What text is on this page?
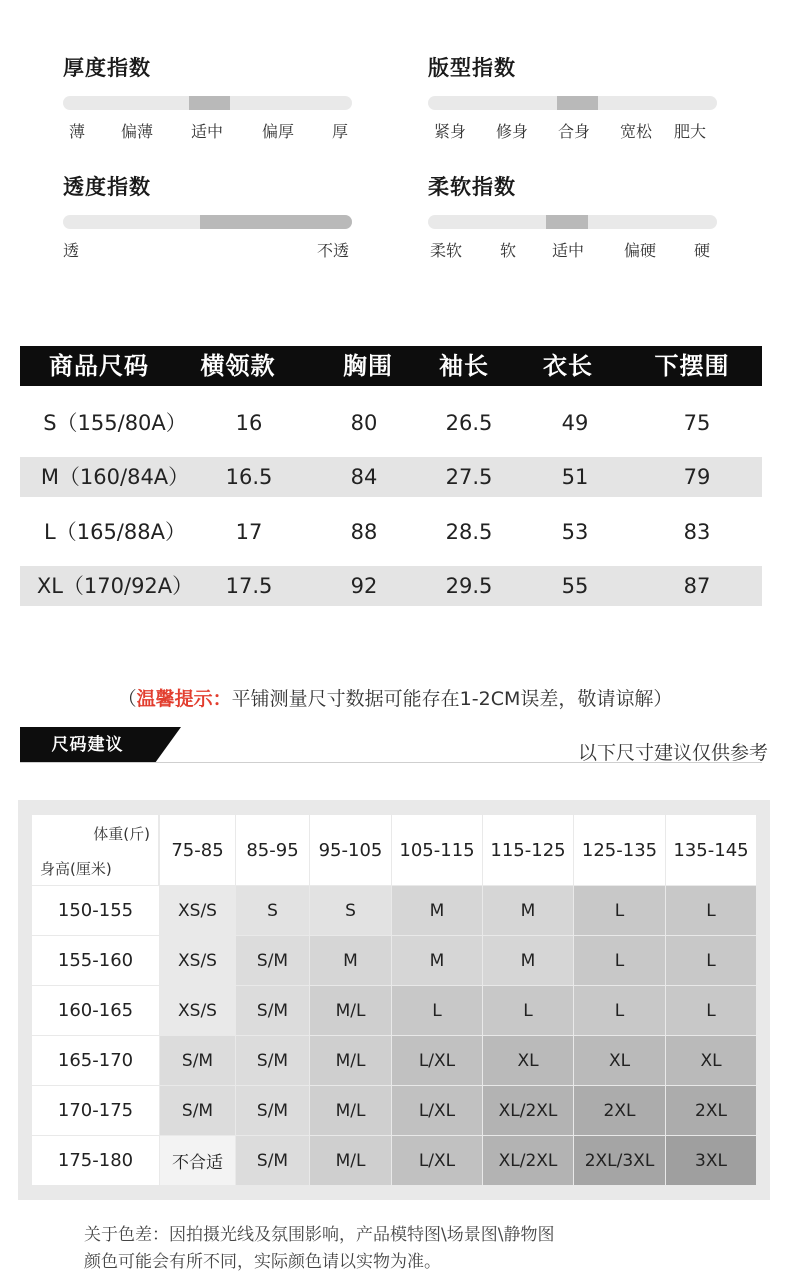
厚度指数
薄 偏薄 适中 偏厚 厚
版型指数
紧身 修身 合身 宽松 肥大
透度指数
透	不透
柔软指数
柔软 软 适中 偏硬 硬
商品尺码 横领款	胸围 袖长 衣长	下摆围
S（155/80A） 16	80	26.5	49	75
M（160/84A） 16.5	84	27.5	51	79
L（165/88A） 17	88	28.5	53	83
XL（170/92A） 17.5	92	29.5	55	87
（温馨提示：平铺测量尺寸数据可能存在1-2CM误差，敬请谅解）
尺码建议	以下尺寸建议仅供参考
体重(斤)
身高(厘米)
75-85	85-95	95-105 105-115 115-125 125-135 135-145
150-155	XS/S	S	S	M	M	L	L
155-160	XS/S	S/M	M	M	M	L	L
160-165	XS/S	S/M	M/L	L	L	L	L
165-170	S/M	S/M	M/L	L/XL	XL	XL	XL
170-175	S/M	S/M	M/L	L/XL	XL/2XL	2XL	2XL
175-180	不合适	S/M	M/L	L/XL	XL/2XL	2XL/3XL	3XL
关于色差：因拍摄光线及氛围影响，产品模特图\场景图\静物图
颜色可能会有所不同，实际颜色请以实物为准。
